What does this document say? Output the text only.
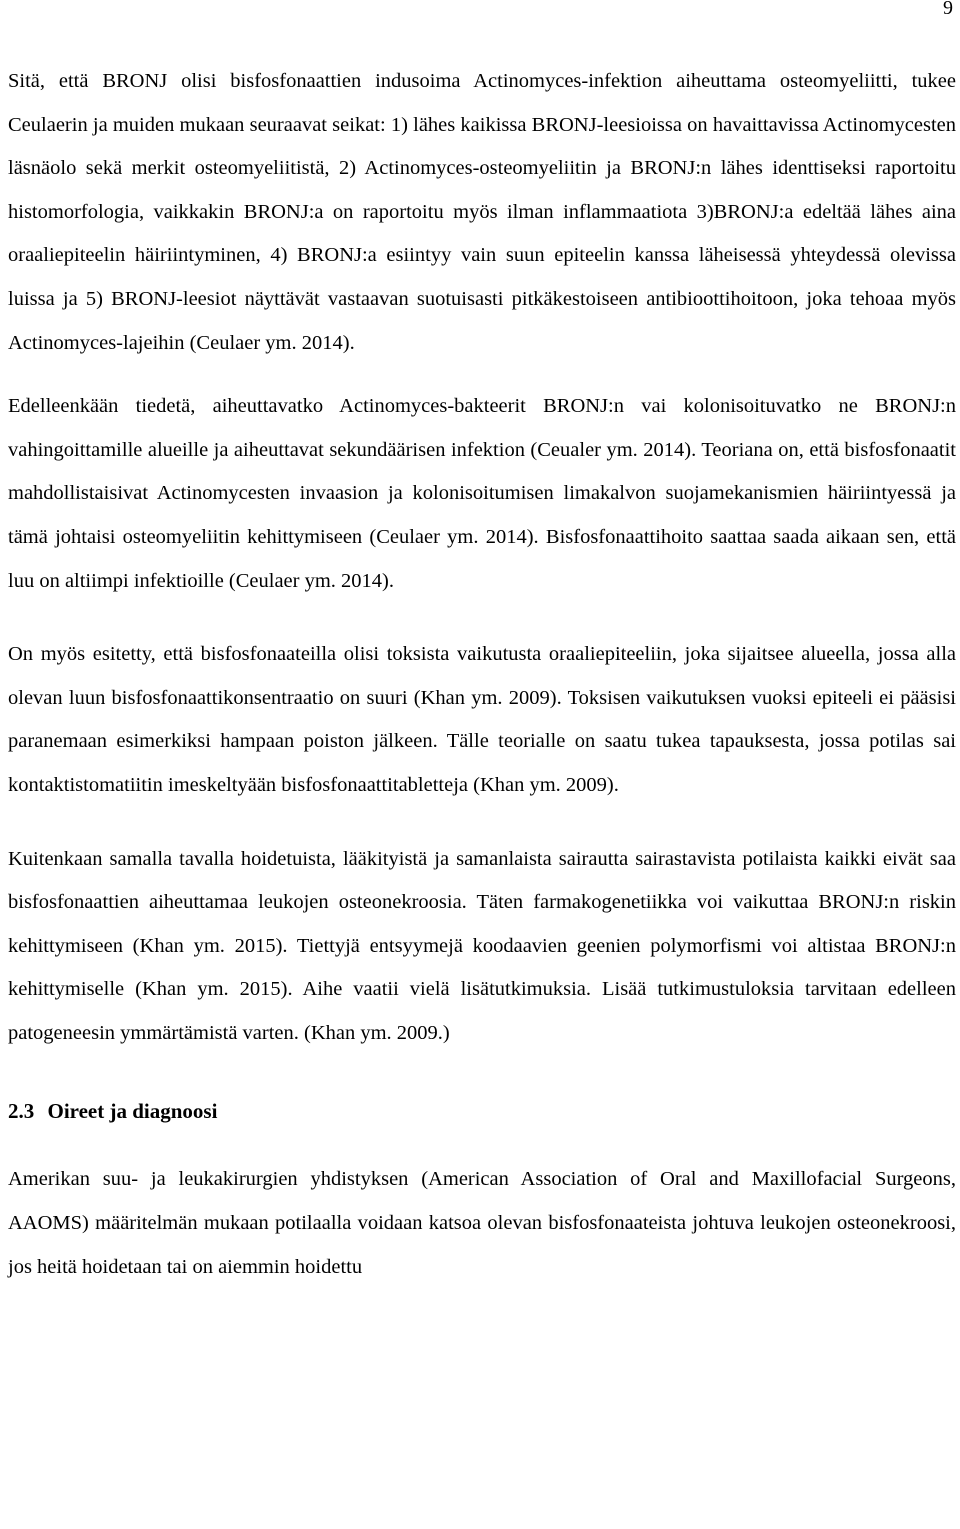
9

Sitä, että BRONJ olisi bisfosfonaattien indusoima Actinomyces-infektion aiheuttama osteomyeliitti, tukee Ceulaerin ja muiden mukaan seuraavat seikat: 1) lähes kaikissa BRONJ-leesioissa on havaittavissa Actinomycesten läsnäolo sekä merkit osteomyeliitistä, 2) Actinomyces-osteomyeliitin ja BRONJ:n lähes identtiseksi raportoitu histomorfologia, vaikkakin BRONJ:a on raportoitu myös ilman inflammaatiota 3)BRONJ:a edeltää lähes aina oraaliepiteelin häiriintyminen, 4) BRONJ:a esiintyy vain suun epiteelin kanssa läheisessä yhteydessä olevissa luissa ja 5) BRONJ-leesiot näyttävät vastaavan suotuisasti pitkäkestoiseen antibioottihoitoon, joka tehoaa myös Actinomyces-lajeihin (Ceulaer ym. 2014).

Edelleenkään tiedetä, aiheuttavatko Actinomyces-bakteerit BRONJ:n vai kolonisoituvatko ne BRONJ:n vahingoittamille alueille ja aiheuttavat sekundäärisen infektion (Ceualer ym. 2014). Teoriana on, että bisfosfonaatit mahdollistaisivat Actinomycesten invaasion ja kolonisoitumisen limakalvon suojamekanismien häiriintyessä ja tämä johtaisi osteomyeliitin kehittymiseen (Ceulaer ym. 2014). Bisfosfonaattihoito saattaa saada aikaan sen, että luu on altiimpi infektioille (Ceulaer ym. 2014).

On myös esitetty, että bisfosfonaateilla olisi toksista vaikutusta oraaliepiteeliin, joka sijaitsee alueella, jossa alla olevan luun bisfosfonaattikonsentraatio on suuri (Khan ym. 2009). Toksisen vaikutuksen vuoksi epiteeli ei pääsisi paranemaan esimerkiksi hampaan poiston jälkeen. Tälle teorialle on saatu tukea tapauksesta, jossa potilas sai kontaktistomatiitin imeskeltyään bisfosfonaattitabletteja (Khan ym. 2009).

Kuitenkaan samalla tavalla hoidetuista, lääkityistä ja samanlaista sairautta sairastavista potilaista kaikki eivät saa bisfosfonaattien aiheuttamaa leukojen osteonekroosia. Täten farmakogenetiikka voi vaikuttaa BRONJ:n riskin kehittymiseen (Khan ym. 2015). Tiettyjä entsyymejä koodaavien geenien polymorfismi voi altistaa BRONJ:n kehittymiselle (Khan ym. 2015). Aihe vaatii vielä lisätutkimuksia. Lisää tutkimustuloksia tarvitaan edelleen patogeneesin ymmärtämistä varten. (Khan ym. 2009.)

2.3 Oireet ja diagnoosi

Amerikan suu- ja leukakirurgien yhdistyksen (American Association of Oral and Maxillofacial Surgeons, AAOMS) määritelmän mukaan potilaalla voidaan katsoa olevan bisfosfonaateista johtuva leukojen osteonekroosi, jos heitä hoidetaan tai on aiemmin hoidettu
